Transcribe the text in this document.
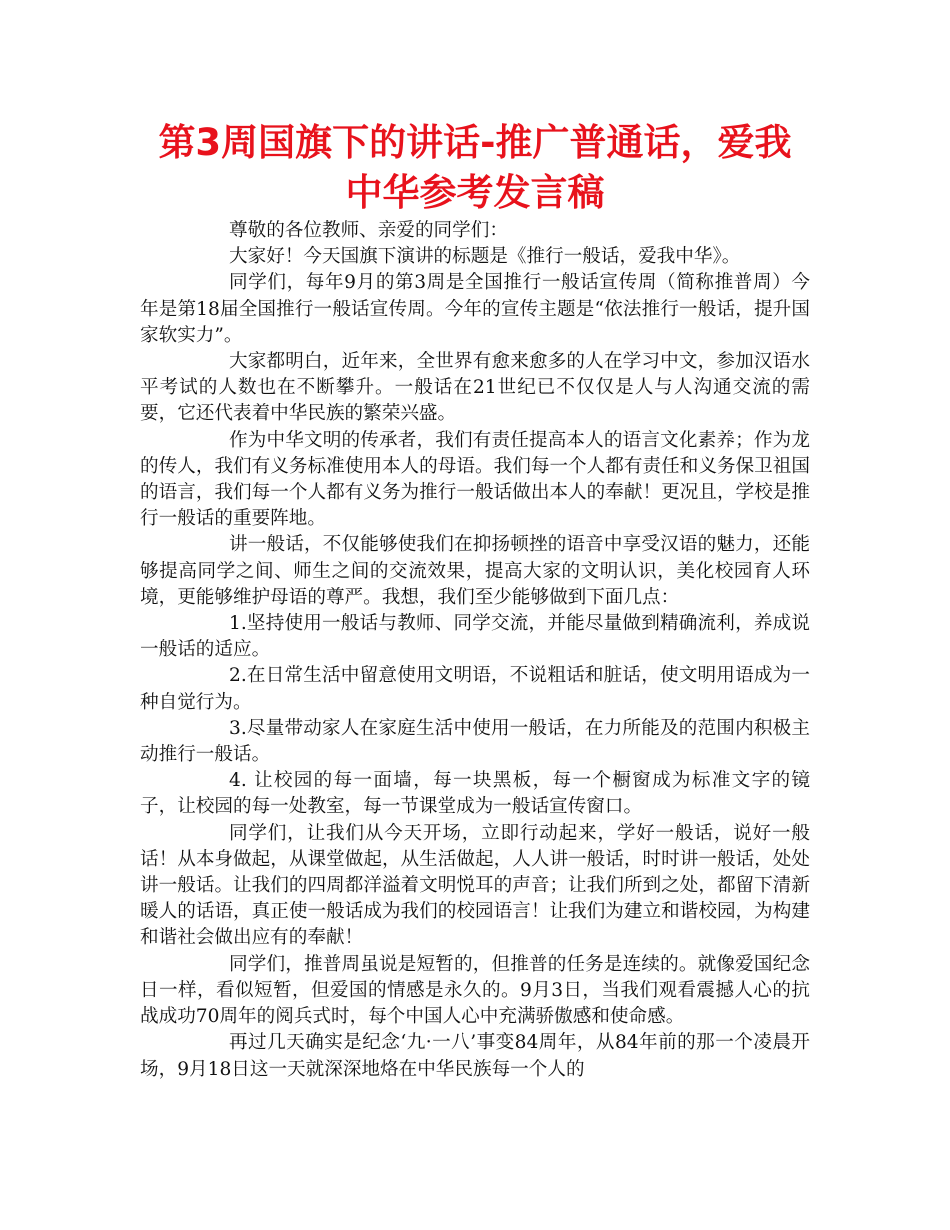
第3周国旗下的讲话-推广普通话，爱我中华参考发言稿

尊敬的各位教师、亲爱的同学们：

大家好！今天国旗下演讲的标题是《推行一般话，爱我中华》。

同学们，每年9月的第3周是全国推行一般话宣传周（简称推普周）今年是第18届全国推行一般话宣传周。今年的宣传主题是“依法推行一般话，提升国家软实力”。

大家都明白，近年来，全世界有愈来愈多的人在学习中文，参加汉语水平考试的人数也在不断攀升。一般话在21世纪已不仅仅是人与人沟通交流的需要，它还代表着中华民族的繁荣兴盛。

作为中华文明的传承者，我们有责任提高本人的语言文化素养；作为龙的传人，我们有义务标准使用本人的母语。我们每一个人都有责任和义务保卫祖国的语言，我们每一个人都有义务为推行一般话做出本人的奉献！更况且，学校是推行一般话的重要阵地。

讲一般话，不仅能够使我们在抑扬顿挫的语音中享受汉语的魅力，还能够提高同学之间、师生之间的交流效果，提高大家的文明认识，美化校园育人环境，更能够维护母语的尊严。我想，我们至少能够做到下面几点：

1.坚持使用一般话与教师、同学交流，并能尽量做到精确流利，养成说一般话的适应。

2.在日常生活中留意使用文明语，不说粗话和脏话，使文明用语成为一种自觉行为。

3.尽量带动家人在家庭生活中使用一般话，在力所能及的范围内积极主动推行一般话。

4. 让校园的每一面墙，每一块黑板，每一个橱窗成为标准文字的镜子，让校园的每一处教室，每一节课堂成为一般话宣传窗口。

同学们，让我们从今天开场，立即行动起来，学好一般话，说好一般话！从本身做起，从课堂做起，从生活做起，人人讲一般话，时时讲一般话，处处讲一般话。让我们的四周都洋溢着文明悦耳的声音；让我们所到之处，都留下清新暖人的话语，真正使一般话成为我们的校园语言！让我们为建立和谐校园，为构建和谐社会做出应有的奉献！

同学们，推普周虽说是短暂的，但推普的任务是连续的。就像爱国纪念日一样，看似短暂，但爱国的情感是永久的。9月3日，当我们观看震撼人心的抗战成功70周年的阅兵式时，每个中国人心中充满骄傲感和使命感。

再过几天确实是纪念‘九·一八’事变84周年，从84年前的那一个凌晨开场，9月18日这一天就深深地烙在中华民族每一个人的
